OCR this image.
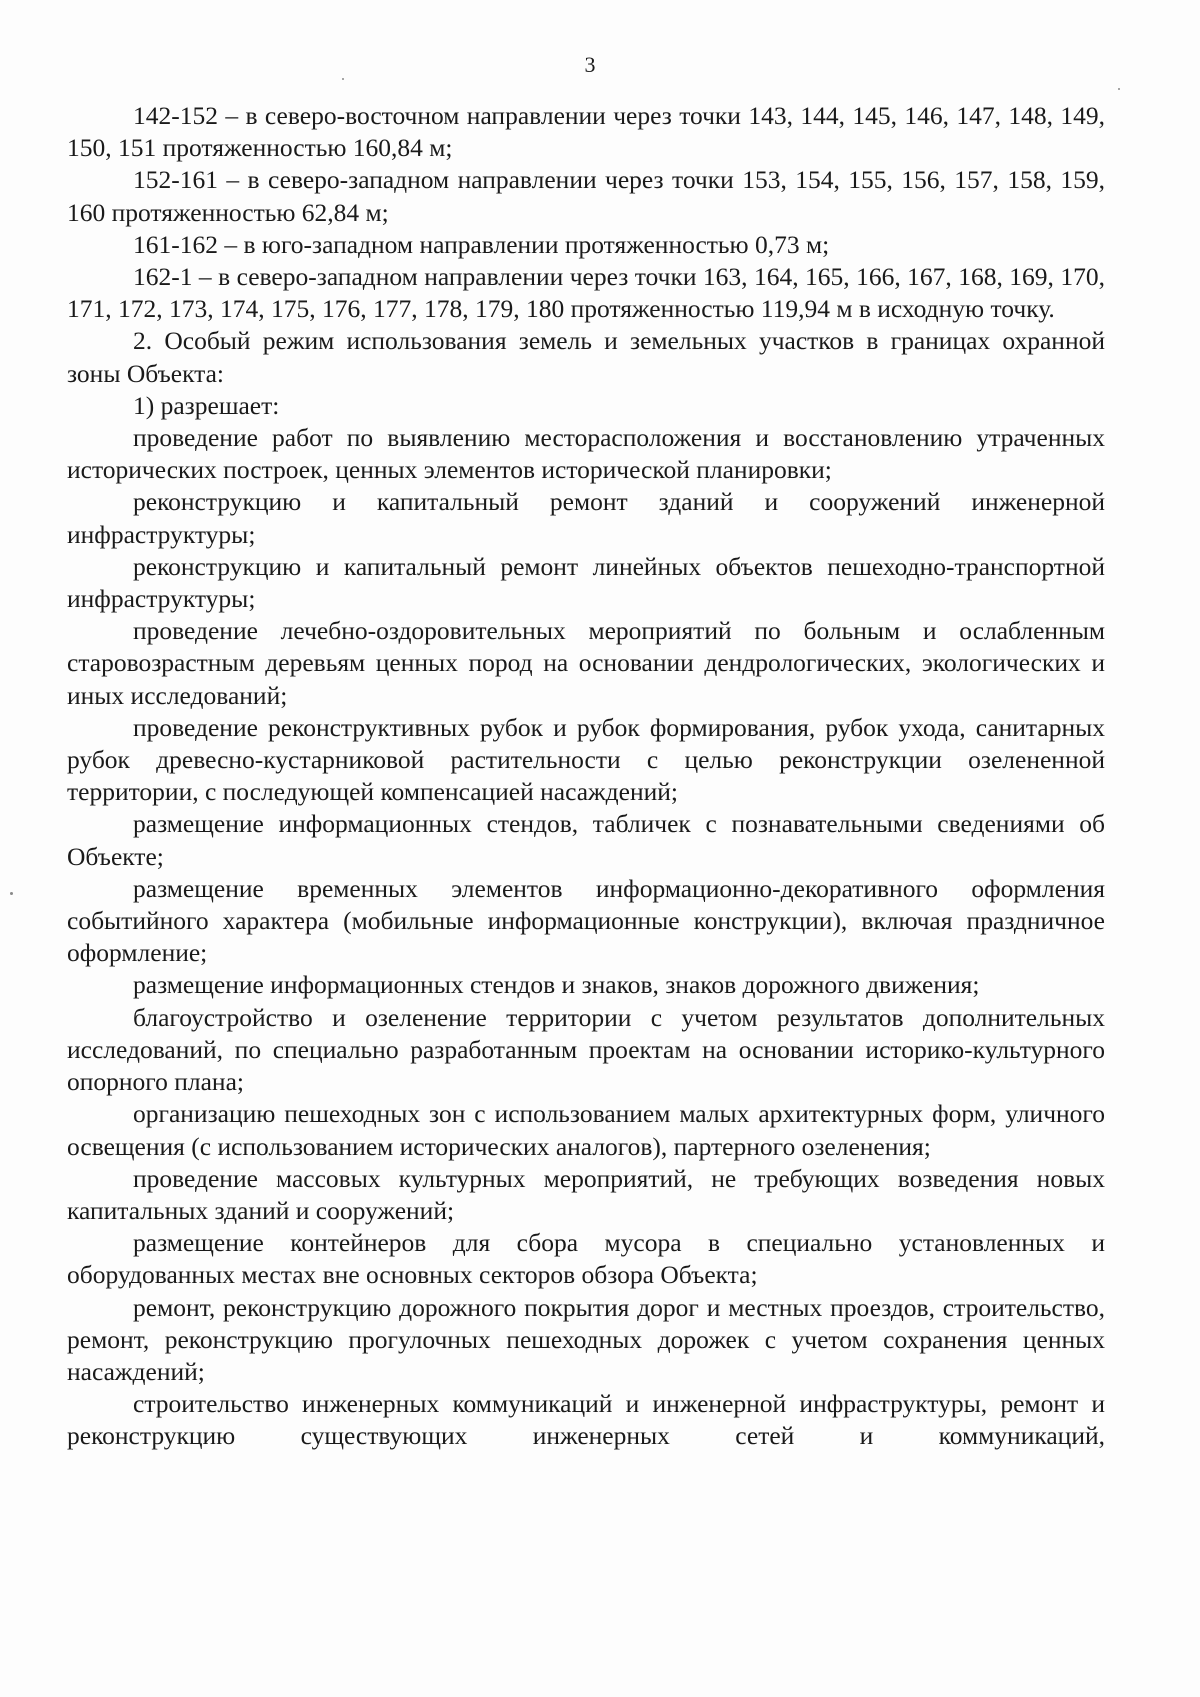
3

142-152 – в северо-восточном направлении через точки 143, 144, 145, 146, 147, 148, 149, 150, 151 протяженностью 160,84 м;

152-161 – в северо-западном направлении через точки 153, 154, 155, 156, 157, 158, 159, 160 протяженностью 62,84 м;

161-162 – в юго-западном направлении протяженностью 0,73 м;

162-1 – в северо-западном направлении через точки 163, 164, 165, 166, 167, 168, 169, 170, 171, 172, 173, 174, 175, 176, 177, 178, 179, 180 протяженностью 119,94 м в исходную точку.

2. Особый режим использования земель и земельных участков в границах охранной зоны Объекта:

1) разрешает:

проведение работ по выявлению месторасположения и восстановлению утраченных исторических построек, ценных элементов исторической планировки;

реконструкцию и капитальный ремонт зданий и сооружений инженерной инфраструктуры;

реконструкцию и капитальный ремонт линейных объектов пешеходно-транспортной инфраструктуры;

проведение лечебно-оздоровительных мероприятий по больным и ослабленным старовозрастным деревьям ценных пород на основании дендрологических, экологических и иных исследований;

проведение реконструктивных рубок и рубок формирования, рубок ухода, санитарных рубок древесно-кустарниковой растительности с целью реконструкции озелененной территории, с последующей компенсацией насаждений;

размещение информационных стендов, табличек с познавательными сведениями об Объекте;

размещение временных элементов информационно-декоративного оформления событийного характера (мобильные информационные конструкции), включая праздничное оформление;

размещение информационных стендов и знаков, знаков дорожного движения;

благоустройство и озеленение территории с учетом результатов дополнительных исследований, по специально разработанным проектам на основании историко-культурного опорного плана;

организацию пешеходных зон с использованием малых архитектурных форм, уличного освещения (с использованием исторических аналогов), партерного озеленения;

проведение массовых культурных мероприятий, не требующих возведения новых капитальных зданий и сооружений;

размещение контейнеров для сбора мусора в специально установленных и оборудованных местах вне основных секторов обзора Объекта;

ремонт, реконструкцию дорожного покрытия дорог и местных проездов, строительство, ремонт, реконструкцию прогулочных пешеходных дорожек с учетом сохранения ценных насаждений;

строительство инженерных коммуникаций и инженерной инфраструктуры, ремонт и реконструкцию существующих инженерных сетей и коммуникаций,
